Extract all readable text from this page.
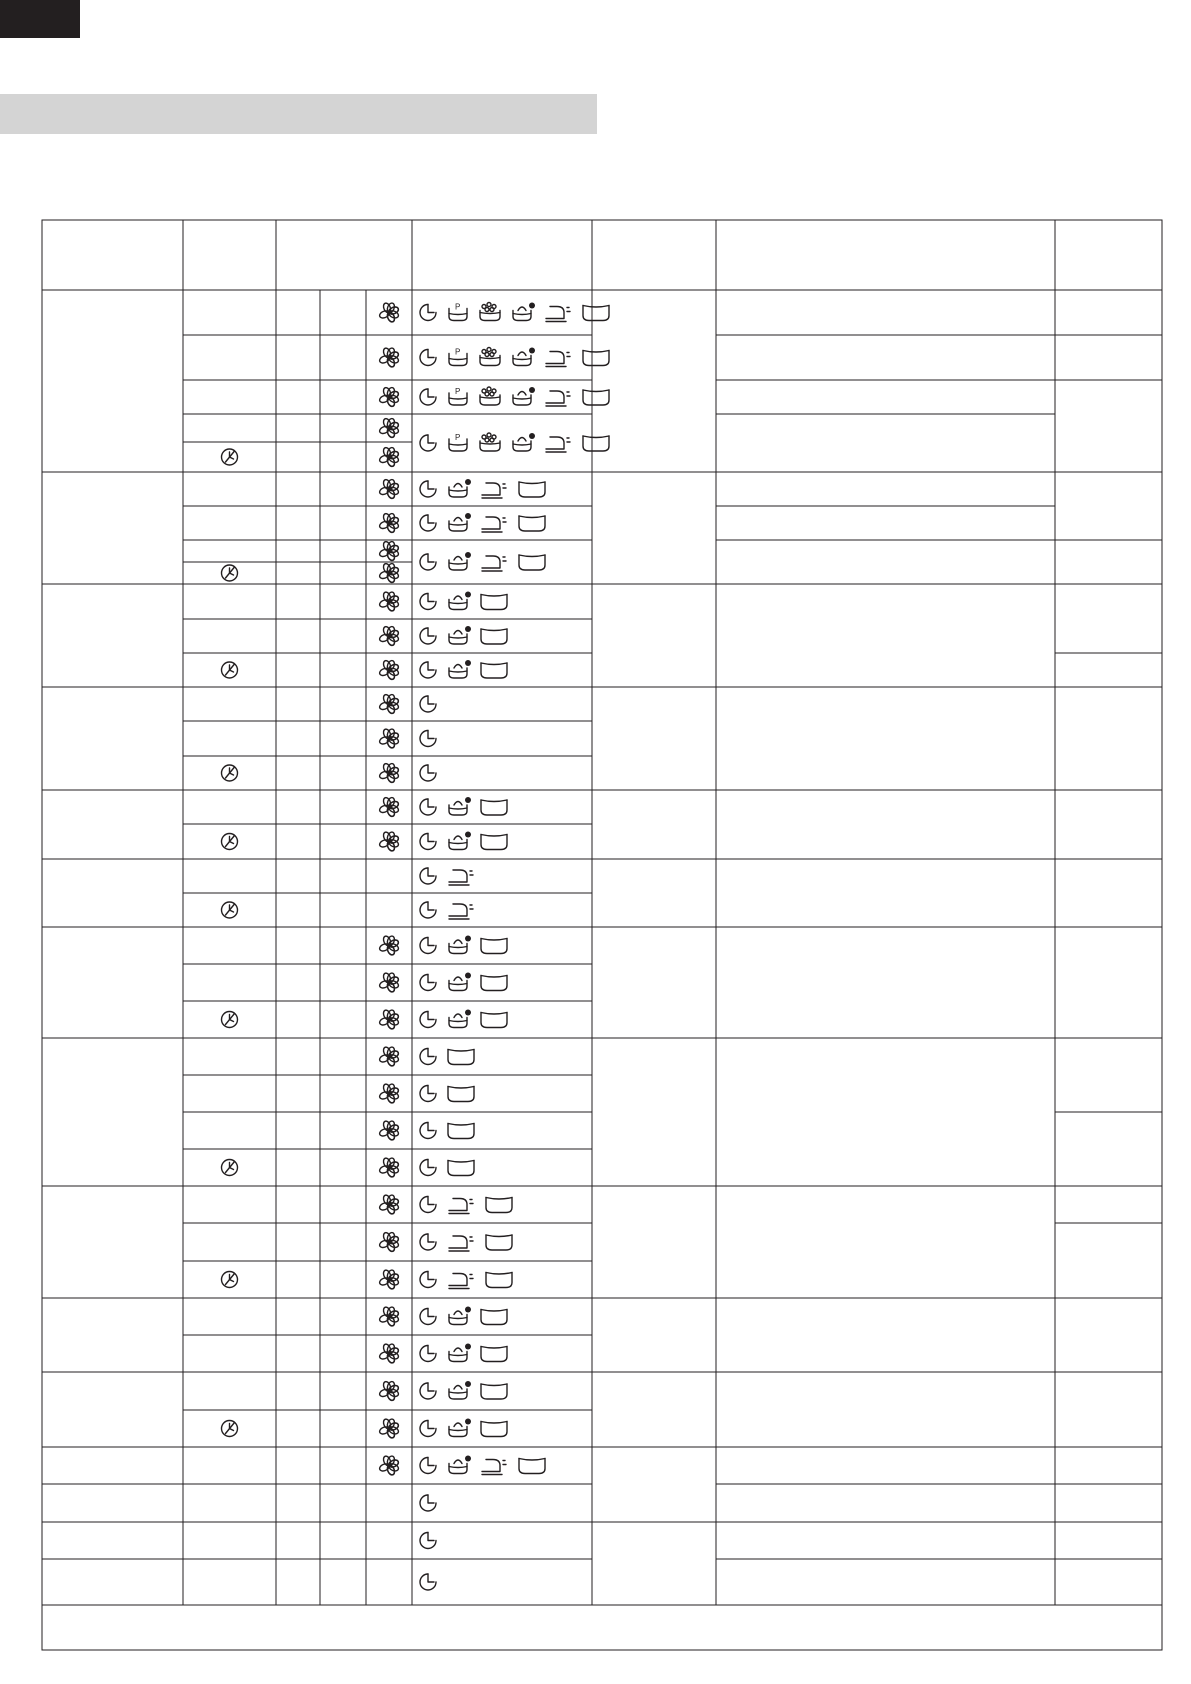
P
P
P
P
